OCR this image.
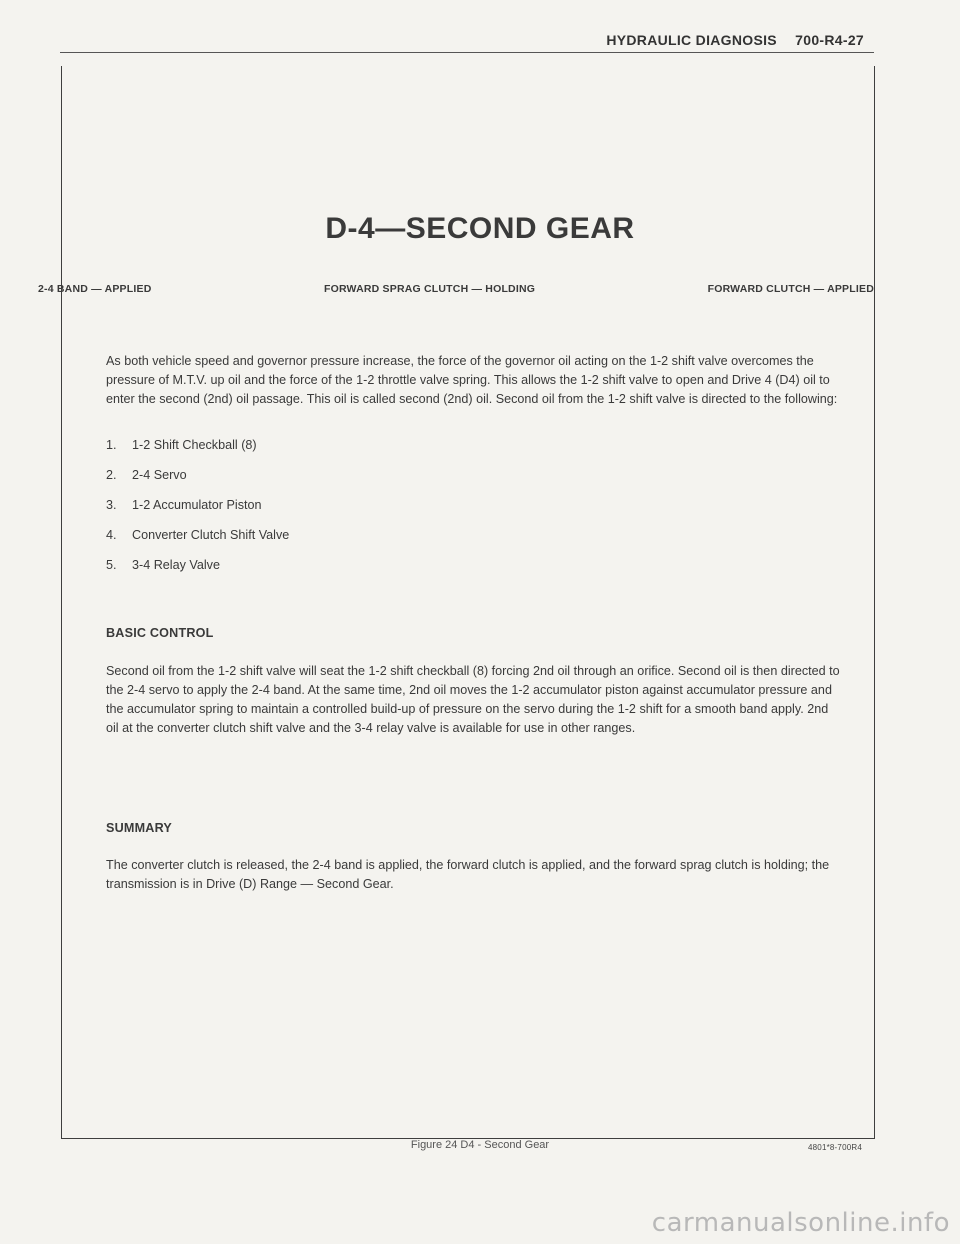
HYDRAULIC DIAGNOSIS 700-R4-27
4801*8-700R4
D-4—SECOND GEAR
2-4 BAND — APPLIED	FORWARD SPRAG CLUTCH — HOLDING	FORWARD CLUTCH — APPLIED

As both vehicle speed and governor pressure increase, the force of the governor oil acting on the 1-2 shift valve overcomes the pressure of M.T.V. up oil and the force of the 1-2 throttle valve spring. This allows the 1-2 shift valve to open and Drive 4 (D4) oil to enter the second (2nd) oil passage. This oil is called second (2nd) oil. Second oil from the 1-2 shift valve is directed to the following:

1.	1-2 Shift Checkball (8)
2.	2-4 Servo
3.	1-2 Accumulator Piston
4.	Converter Clutch Shift Valve
5.	3-4 Relay Valve
BASIC CONTROL

Second oil from the 1-2 shift valve will seat the 1-2 shift checkball (8) forcing 2nd oil through an orifice. Second oil is then directed to the 2-4 servo to apply the 2-4 band. At the same time, 2nd oil moves the 1-2 accumulator piston against accumulator pressure and the accumulator spring to maintain a controlled build-up of pressure on the servo during the 1-2 shift for a smooth band apply. 2nd oil at the converter clutch shift valve and the 3-4 relay valve is available for use in other ranges.

SUMMARY

The converter clutch is released, the 2-4 band is applied, the forward clutch is applied, and the forward sprag clutch is holding; the transmission is in Drive (D) Range — Second Gear.

Figure 24 D4 - Second Gear
carmanualsonline.info
